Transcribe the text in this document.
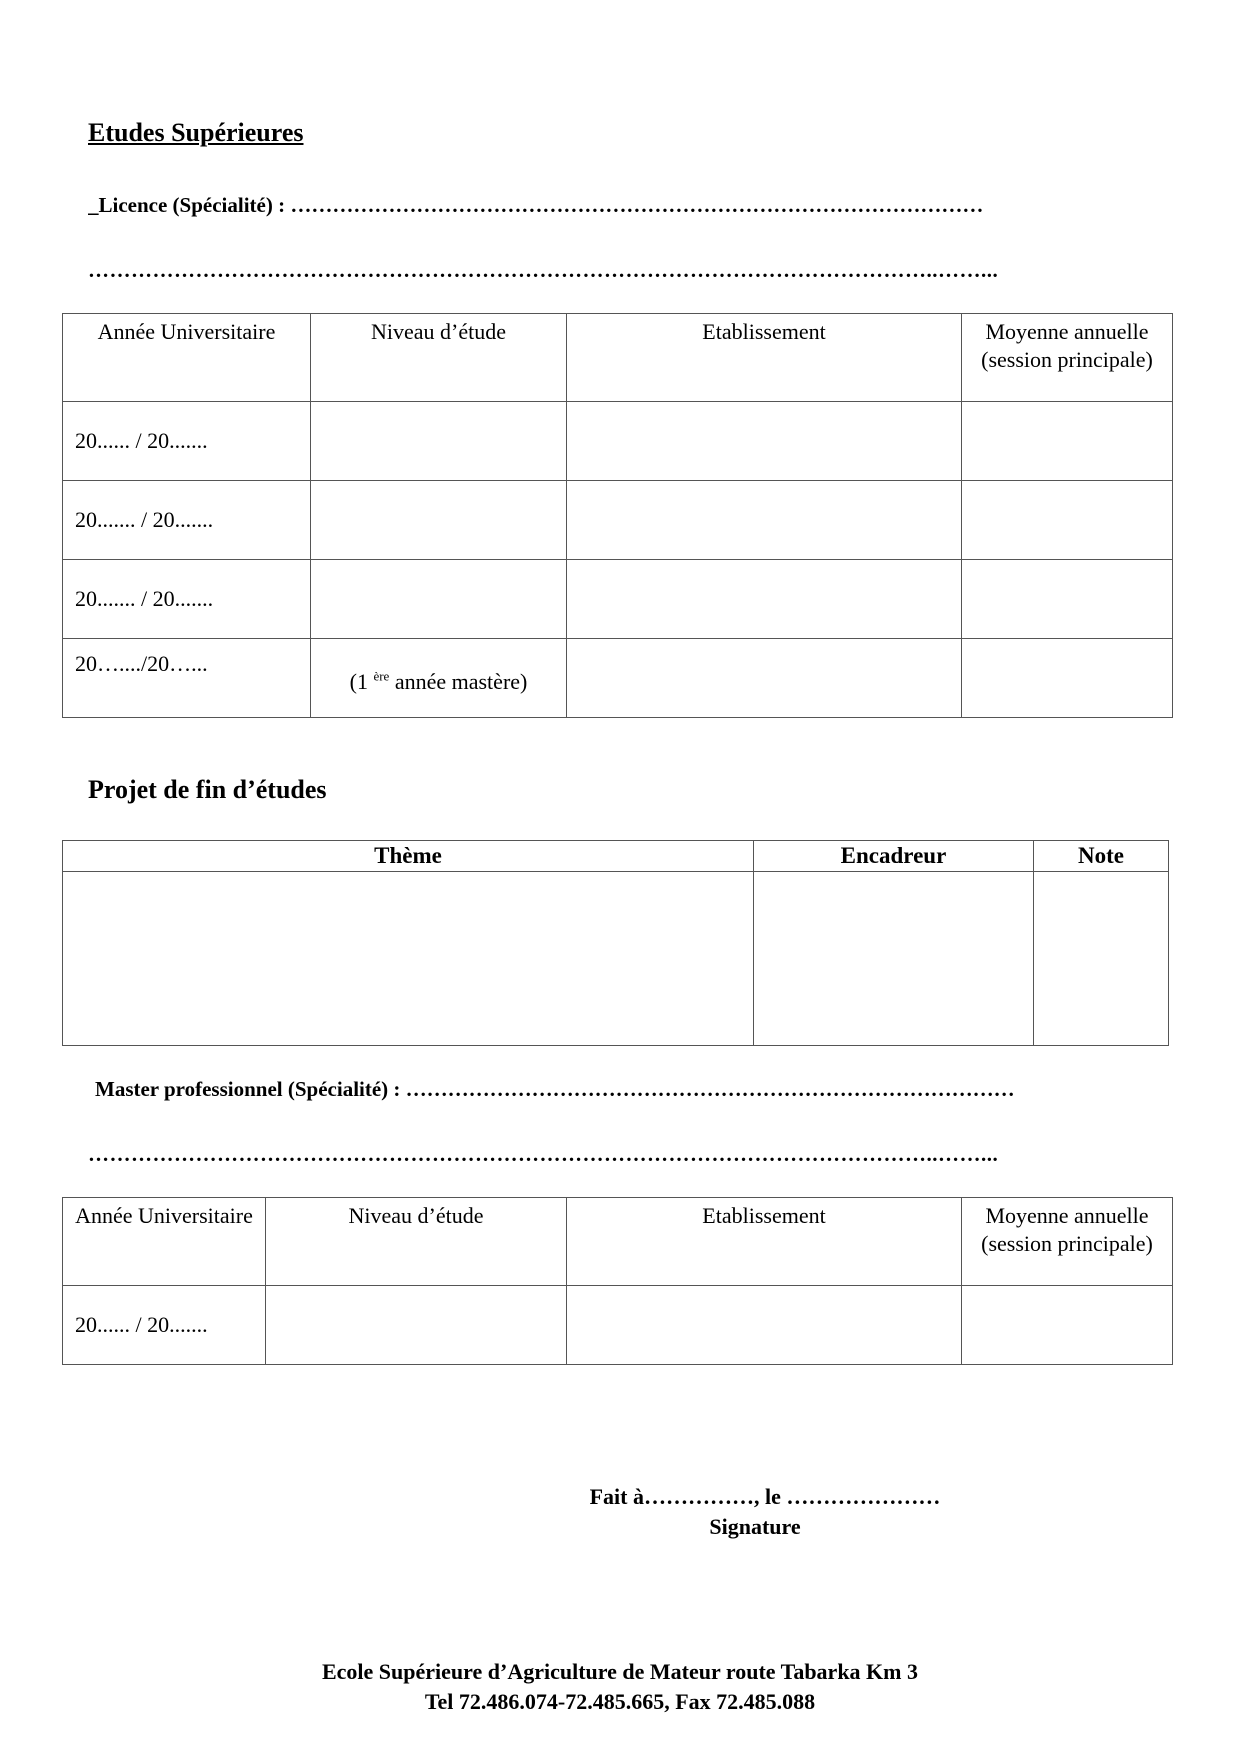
Etudes Supérieures
_Licence (Spécialité) : ………………………………………………………………………………………
………………………………………………………………………………………………………..……...
Année Universitaire	Niveau d’étude	Etablissement	Moyenne annuelle (session principale)
20...... / 20.......			
20....... / 20.......			
20....... / 20.......			
20…..../20…...	(1 $^{ère}$ année mastère)		
Projet de fin d’études
Thème	Encadreur	Note

Master professionnel (Spécialité) : ……………………………………………………………………………
………………………………………………………………………………………………………..……...
Année Universitaire	Niveau d’étude	Etablissement	Moyenne annuelle (session principale)
20...... / 20.......			
Fait à……………, le …………………
Signature
Ecole Supérieure d’Agriculture de Mateur route Tabarka Km 3
Tel 72.486.074-72.485.665, Fax 72.485.088
